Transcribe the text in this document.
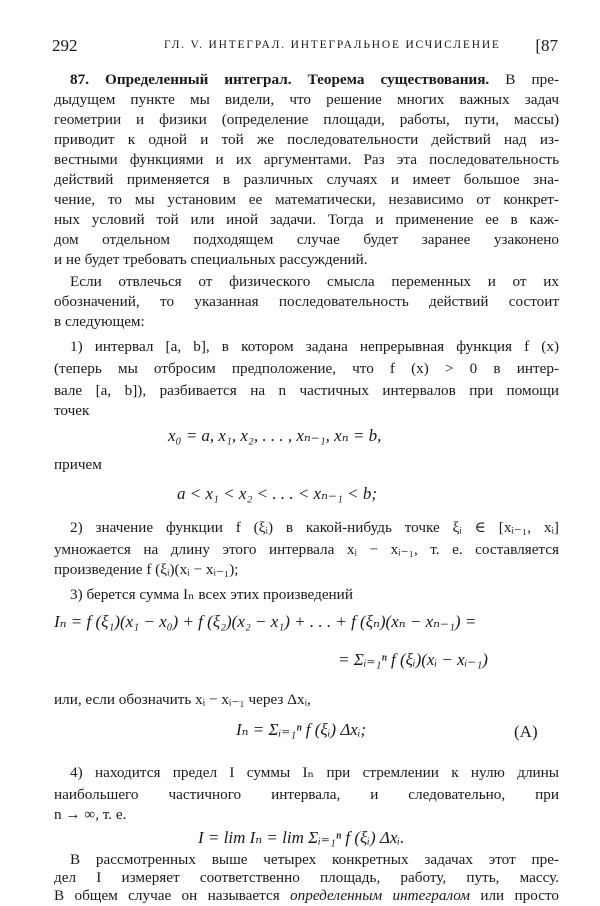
292	ГЛ. V. ИНТЕГРАЛ. ИНТЕГРАЛЬНОЕ ИСЧИСЛЕНИЕ [87
87. Определенный интеграл. Теорема существования. В пре-
дыдущем пункте мы видели, что решение многих важных задач
геометрии и физики (определение площади, работы, пути, массы)
приводит к одной и той же последовательности действий над из-
вестными функциями и их аргументами. Раз эта последовательность
действий применяется в различных случаях и имеет большое зна-
чение, то мы установим ее математически, независимо от конкрет-
ных условий той или иной задачи. Тогда и применение ее в каж-
дом отдельном подходящем случае будет заранее узаконено
и не будет требовать специальных рассуждений.
Если отвлечься от физического смысла переменных и от их
обозначений, то указанная последовательность действий состоит
в следующем:
1) интервал [a, b], в котором задана непрерывная функция f (x)
(теперь мы отбросим предположение, что f (x) > 0 в интер-
вале [a, b]), разбивается на n частичных интервалов при помощи
точек
x₀ = a, x₁, x₂, . . . , xₙ₋₁, xₙ = b,
причем
a < x₁ < x₂ < . . . < xₙ₋₁ < b;
2) значение функции f (ξᵢ) в какой-нибудь точке ξᵢ ∈ [xᵢ₋₁, xᵢ]
умножается на длину этого интервала xᵢ − xᵢ₋₁, т. е. составляется
произведение f (ξᵢ)(xᵢ − xᵢ₋₁);
3) берется сумма Iₙ всех этих произведений
Iₙ = f (ξ₁)(x₁ − x₀) + f (ξ₂)(x₂ − x₁) + . . . + f (ξₙ)(xₙ − xₙ₋₁) =
= Σᵢ₌₁ⁿ f (ξᵢ)(xᵢ − xᵢ₋₁)
или, если обозначить xᵢ − xᵢ₋₁ через Δxᵢ,
Iₙ = Σᵢ₌₁ⁿ f (ξᵢ) Δxᵢ;	(A)
4) находится предел I суммы Iₙ при стремлении к нулю длины
наибольшего частичного интервала, и следовательно, при
n → ∞, т. е.
I = lim Iₙ = lim Σᵢ₌₁ⁿ f (ξᵢ) Δxᵢ.
В рассмотренных выше четырех конкретных задачах этот пре-
дел I измеряет соответственно площадь, работу, путь, массу.
В общем случае он называется определенным интегралом или просто
